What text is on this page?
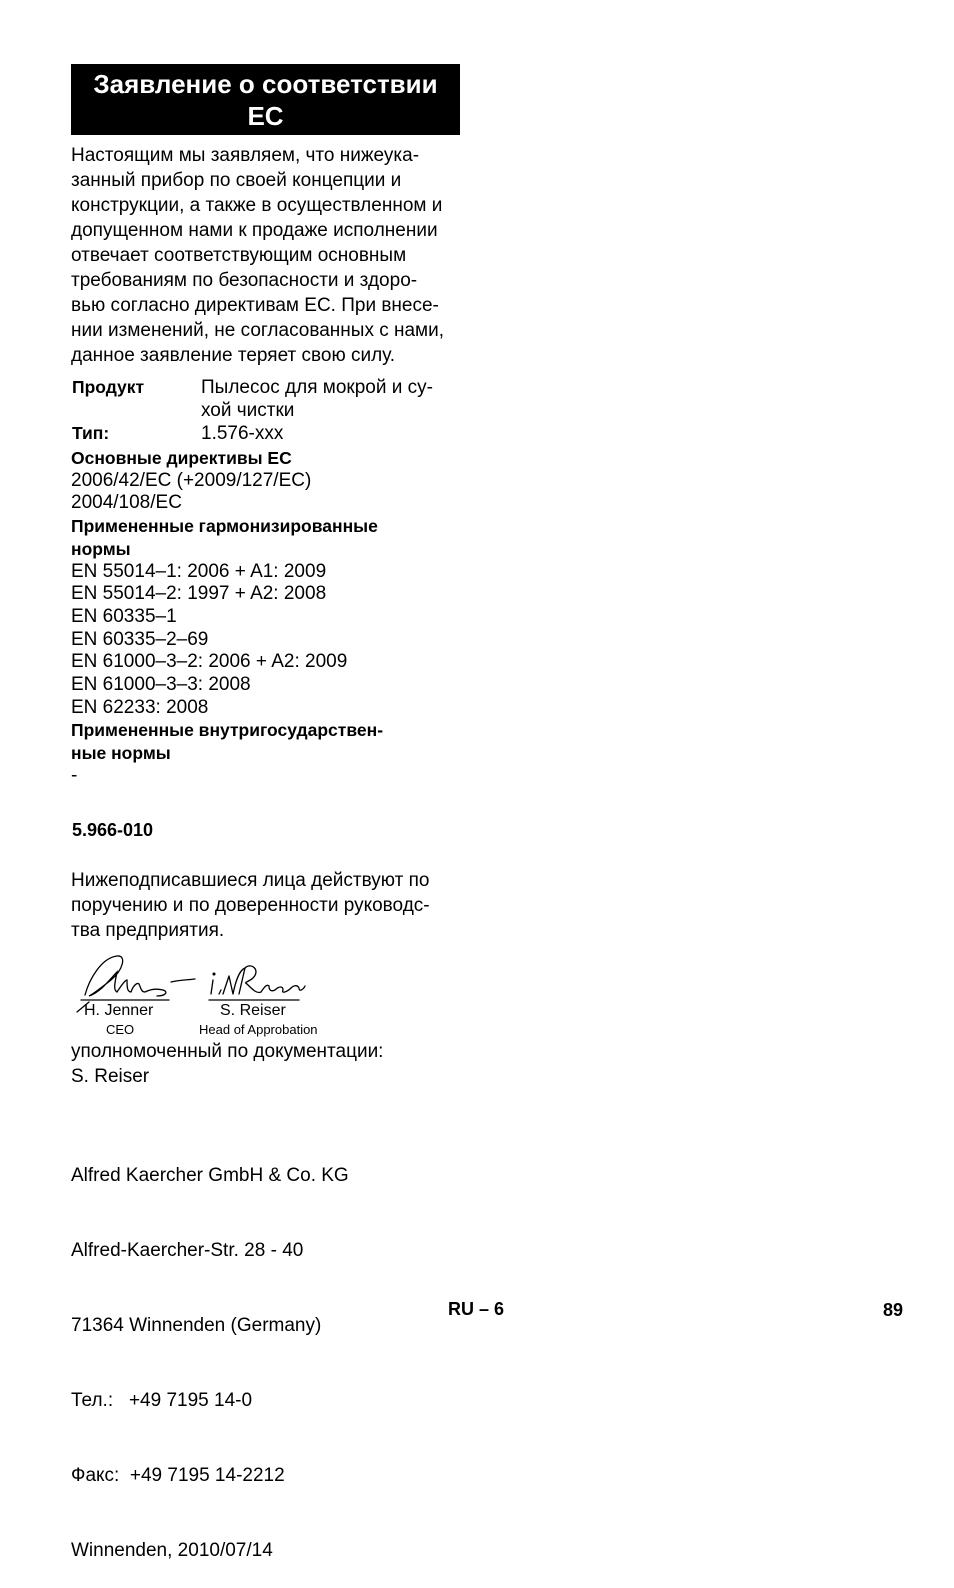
Заявление о соответствии
ЕС
Настоящим мы заявляем, что нижеука-
занный прибор по своей концепции и
конструкции, а также в осуществленном и
допущенном нами к продаже исполнении
отвечает соответствующим основным
требованиям по безопасности и здоро-
вью согласно директивам ЕС. При внесе-
нии изменений, не согласованных с нами,
данное заявление теряет свою силу.
Продукт	Пылесос для мокрой и су-
хой чистки
Тип:	1.576-xxx
Основные директивы ЕС
2006/42/EC (+2009/127/EC)
2004/108/EC
Примененные гармонизированные
нормы
EN 55014–1: 2006 + A1: 2009
EN 55014–2: 1997 + A2: 2008
EN 60335–1
EN 60335–2–69
EN 61000–3–2: 2006 + A2: 2009
EN 61000–3–3: 2008
EN 62233: 2008
Примененные внутригосударствен-
ные нормы
-
5.966-010
Нижеподписавшиеся лица действуют по
поручению и по доверенности руководс-
тва предприятия.
H. Jenner
CEO
S. Reiser
Head of Approbation
уполномоченный по документации:
S. Reiser

Alfred Kaercher GmbH & Co. KG

Alfred-Kaercher-Str. 28 - 40

71364 Winnenden (Germany)

Тел.:   +49 7195 14-0

Факс:  +49 7195 14-2212

Winnenden, 2010/07/14

RU – 6	89
